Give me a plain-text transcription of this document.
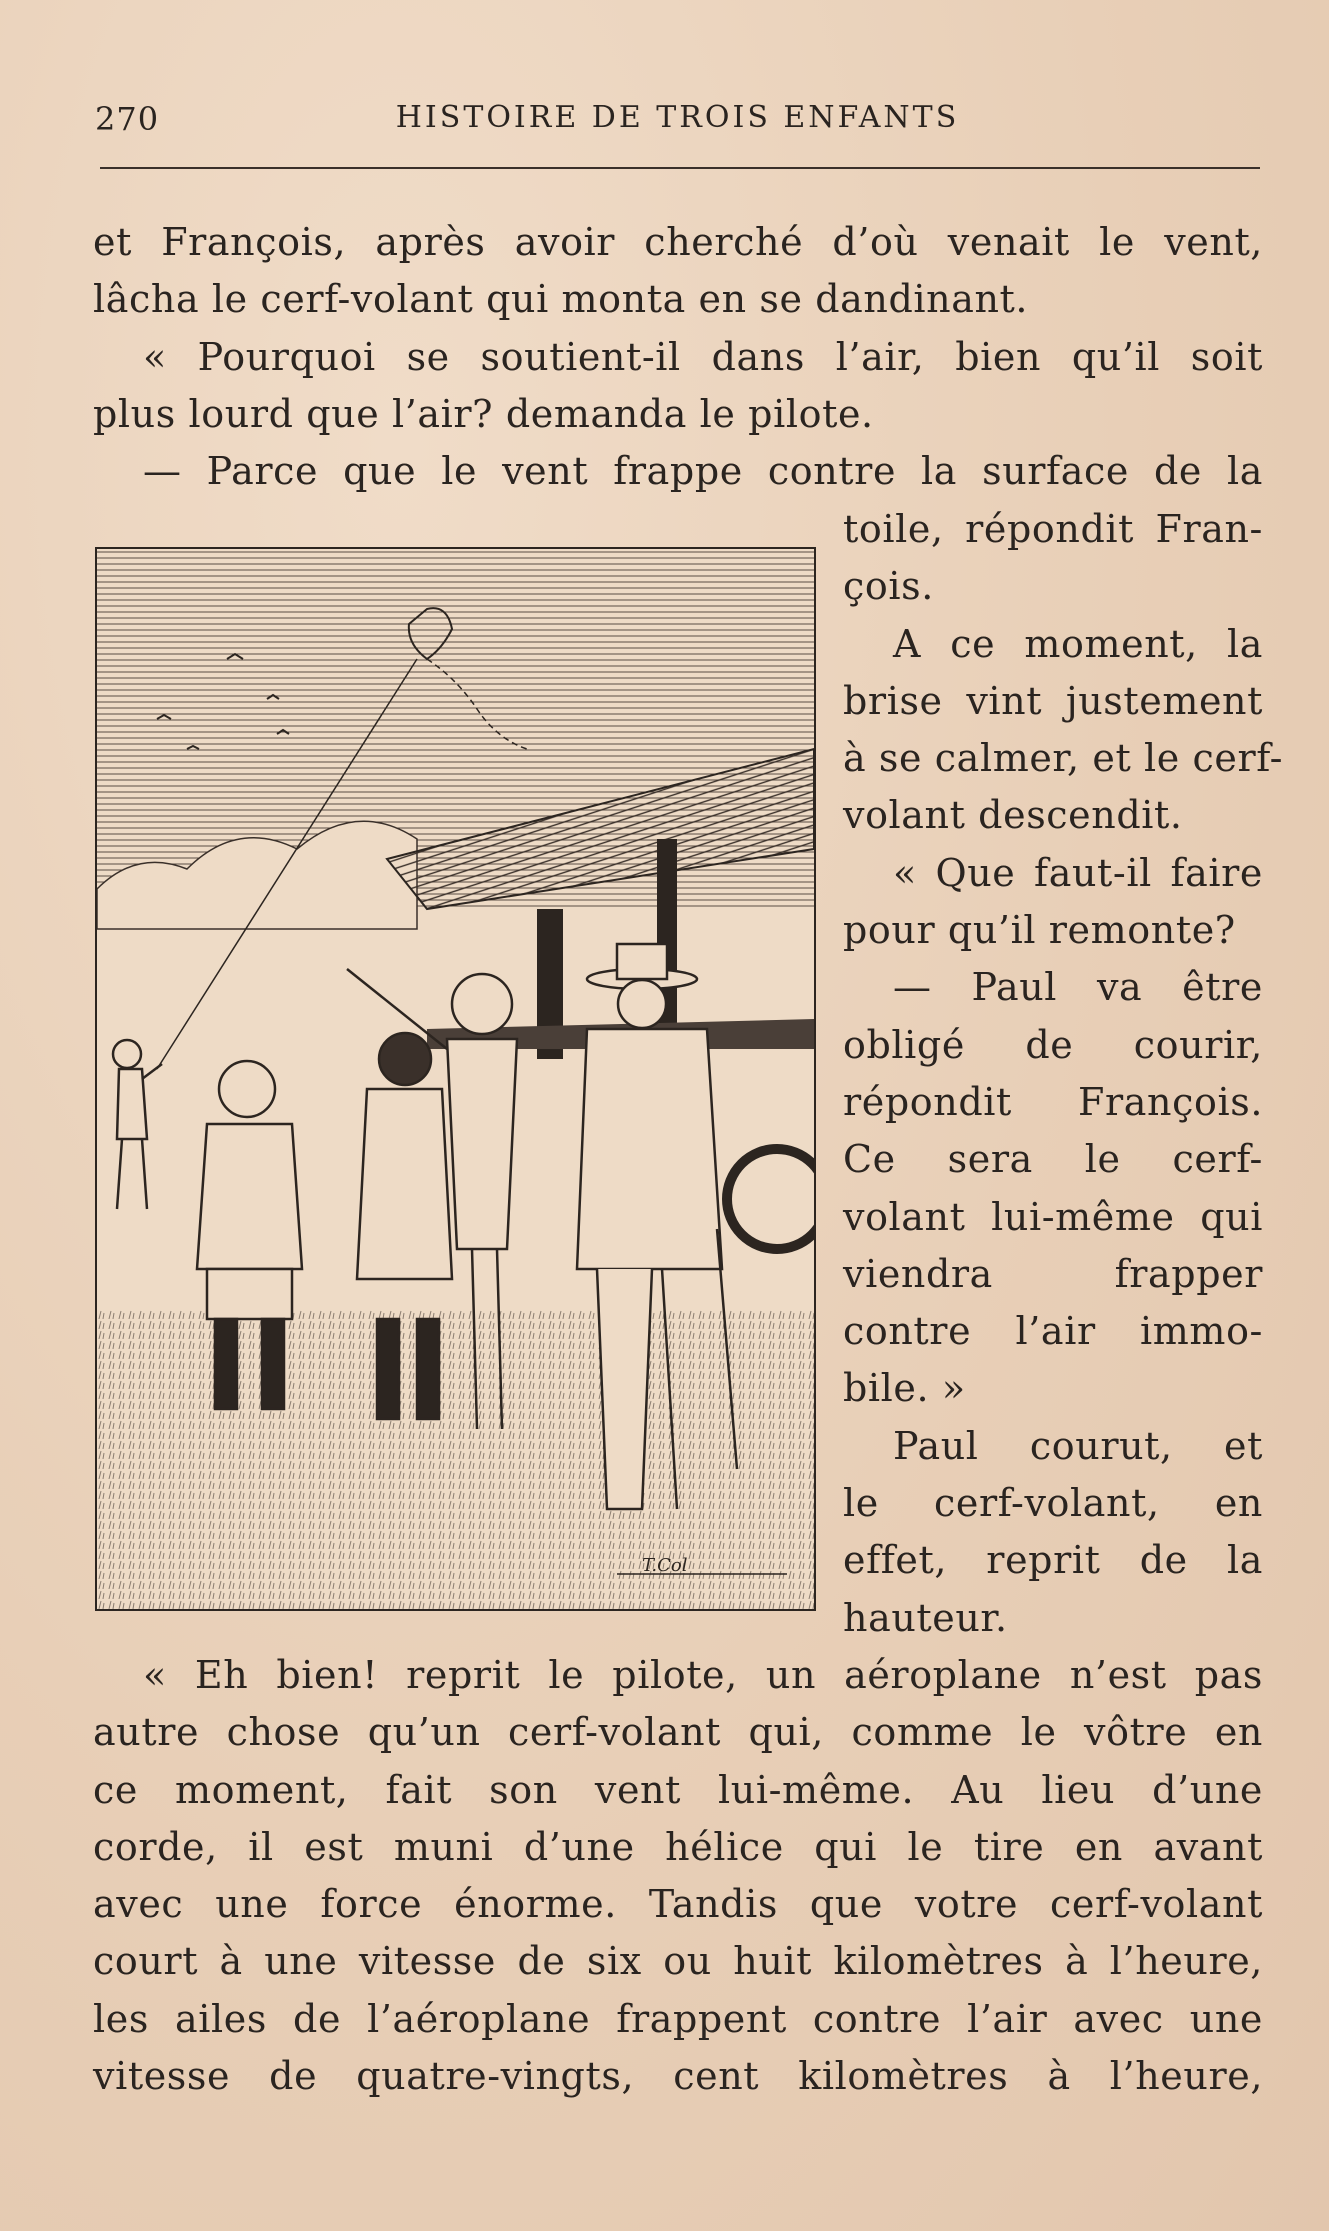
270	HISTOIRE DE TROIS ENFANTS
et François, après avoir cherché d’où venait le vent,
lâcha le cerf-volant qui monta en se dandinant.
« Pourquoi se soutient-il dans l’air, bien qu’il soit
plus lourd que l’air? demanda le pilote.
— Parce que le vent frappe contre la surface de la
T.Col
toile, répondit Fran-
çois.
A ce moment, la
brise vint justement
à se calmer, et le cerf-
volant descendit.
« Que faut-il faire
pour qu’il remonte?
— Paul va être
obligé de courir,
répondit François.
Ce sera le cerf-
volant lui-même qui
viendra frapper
contre l’air immo-
bile. »
Paul courut, et
le cerf-volant, en
effet, reprit de la
hauteur.
« Eh bien! reprit le pilote, un aéroplane n’est pas
autre chose qu’un cerf-volant qui, comme le vôtre en
ce moment, fait son vent lui-même. Au lieu d’une
corde, il est muni d’une hélice qui le tire en avant
avec une force énorme. Tandis que votre cerf-volant
court à une vitesse de six ou huit kilomètres à l’heure,
les ailes de l’aéroplane frappent contre l’air avec une
vitesse de quatre-vingts, cent kilomètres à l’heure,
